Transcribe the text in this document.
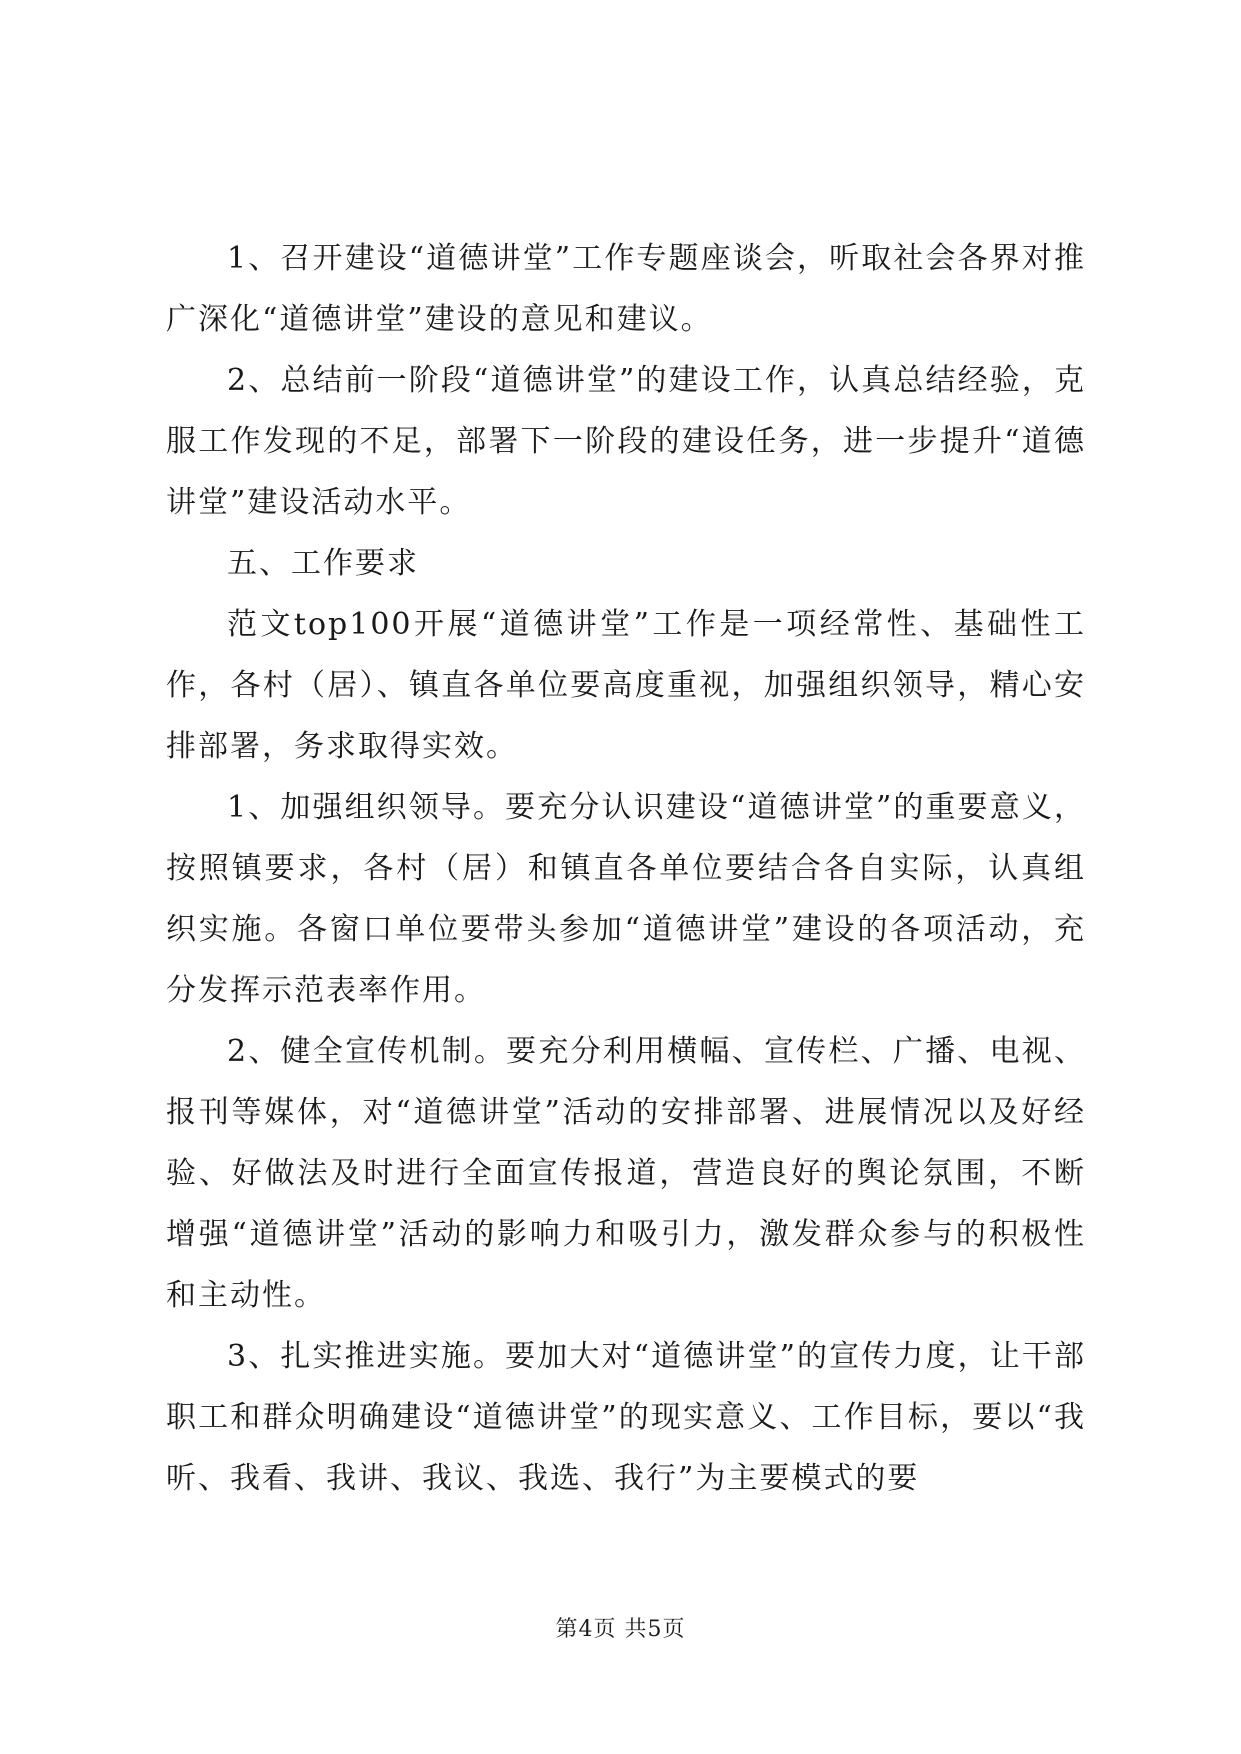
1、召开建设“道德讲堂”工作专题座谈会，听取社会各界对推广深化“道德讲堂”建设的意见和建议。

2、总结前一阶段“道德讲堂”的建设工作，认真总结经验，克服工作发现的不足，部署下一阶段的建设任务，进一步提升“道德讲堂”建设活动水平。

五、工作要求

范文top100开展“道德讲堂”工作是一项经常性、基础性工作，各村（居）、镇直各单位要高度重视，加强组织领导，精心安排部署，务求取得实效。

1、加强组织领导。要充分认识建设“道德讲堂”的重要意义，按照镇要求，各村（居）和镇直各单位要结合各自实际，认真组织实施。各窗口单位要带头参加“道德讲堂”建设的各项活动，充分发挥示范表率作用。

2、健全宣传机制。要充分利用横幅、宣传栏、广播、电视、报刊等媒体，对“道德讲堂”活动的安排部署、进展情况以及好经验、好做法及时进行全面宣传报道，营造良好的舆论氛围，不断增强“道德讲堂”活动的影响力和吸引力，激发群众参与的积极性和主动性。

3、扎实推进实施。要加大对“道德讲堂”的宣传力度，让干部职工和群众明确建设“道德讲堂”的现实意义、工作目标，要以“我听、我看、我讲、我议、我选、我行”为主要模式的要

第4页 共5页
